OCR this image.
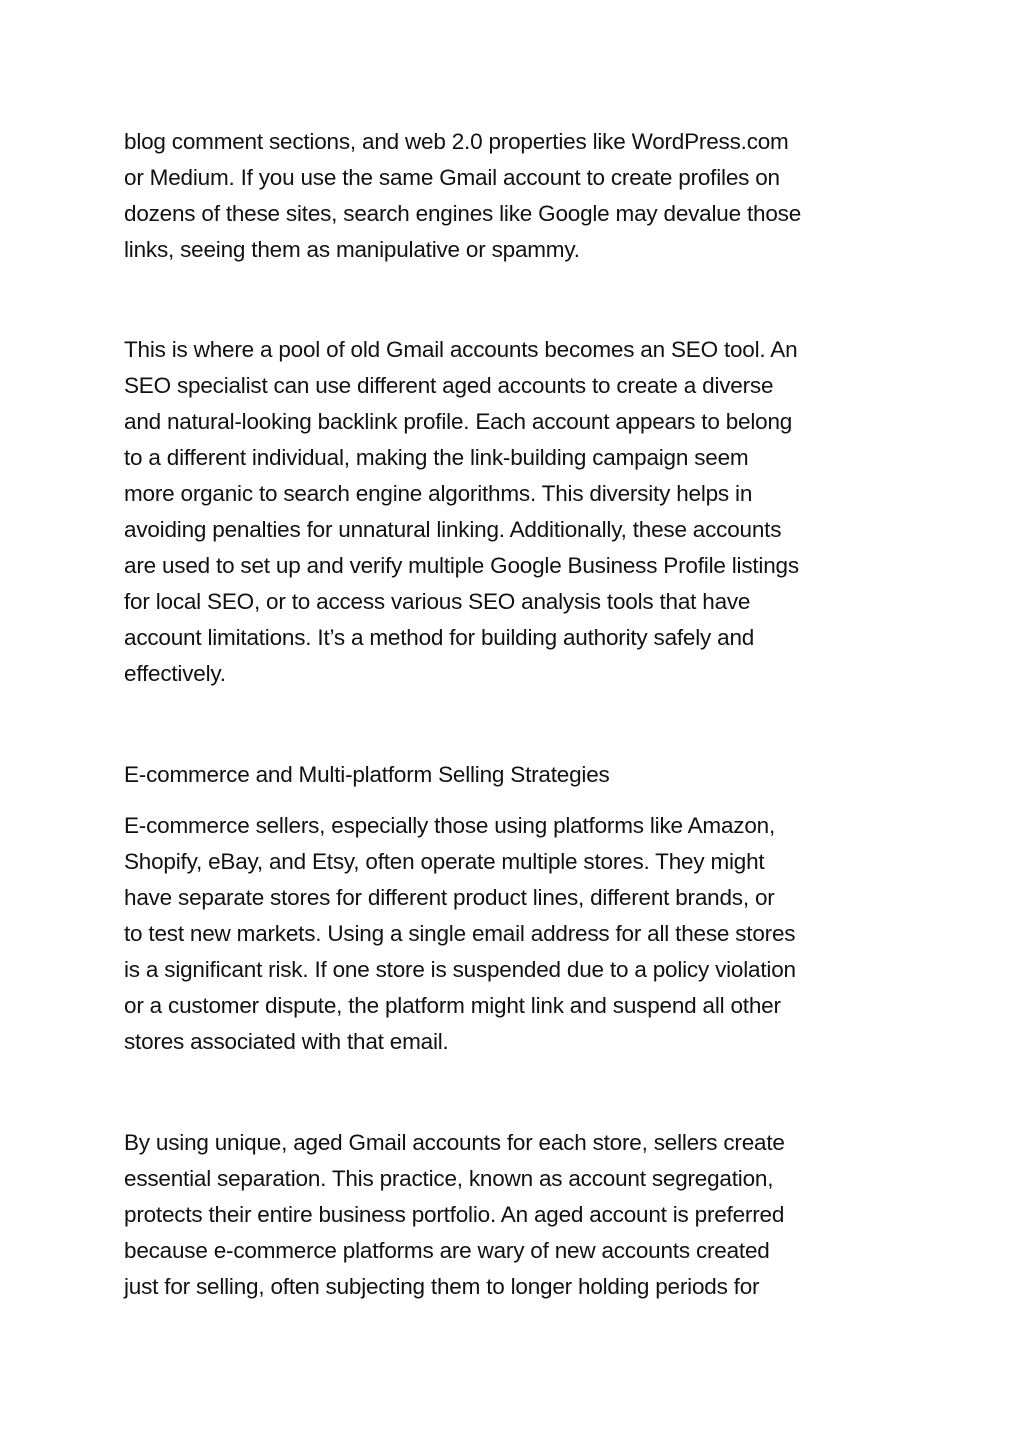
blog comment sections, and web 2.0 properties like WordPress.com
or Medium. If you use the same Gmail account to create profiles on
dozens of these sites, search engines like Google may devalue those
links, seeing them as manipulative or spammy.
This is where a pool of old Gmail accounts becomes an SEO tool. An
SEO specialist can use different aged accounts to create a diverse
and natural-looking backlink profile. Each account appears to belong
to a different individual, making the link-building campaign seem
more organic to search engine algorithms. This diversity helps in
avoiding penalties for unnatural linking. Additionally, these accounts
are used to set up and verify multiple Google Business Profile listings
for local SEO, or to access various SEO analysis tools that have
account limitations. It’s a method for building authority safely and
effectively.
E-commerce and Multi-platform Selling Strategies
E-commerce sellers, especially those using platforms like Amazon,
Shopify, eBay, and Etsy, often operate multiple stores. They might
have separate stores for different product lines, different brands, or
to test new markets. Using a single email address for all these stores
is a significant risk. If one store is suspended due to a policy violation
or a customer dispute, the platform might link and suspend all other
stores associated with that email.
By using unique, aged Gmail accounts for each store, sellers create
essential separation. This practice, known as account segregation,
protects their entire business portfolio. An aged account is preferred
because e-commerce platforms are wary of new accounts created
just for selling, often subjecting them to longer holding periods for
